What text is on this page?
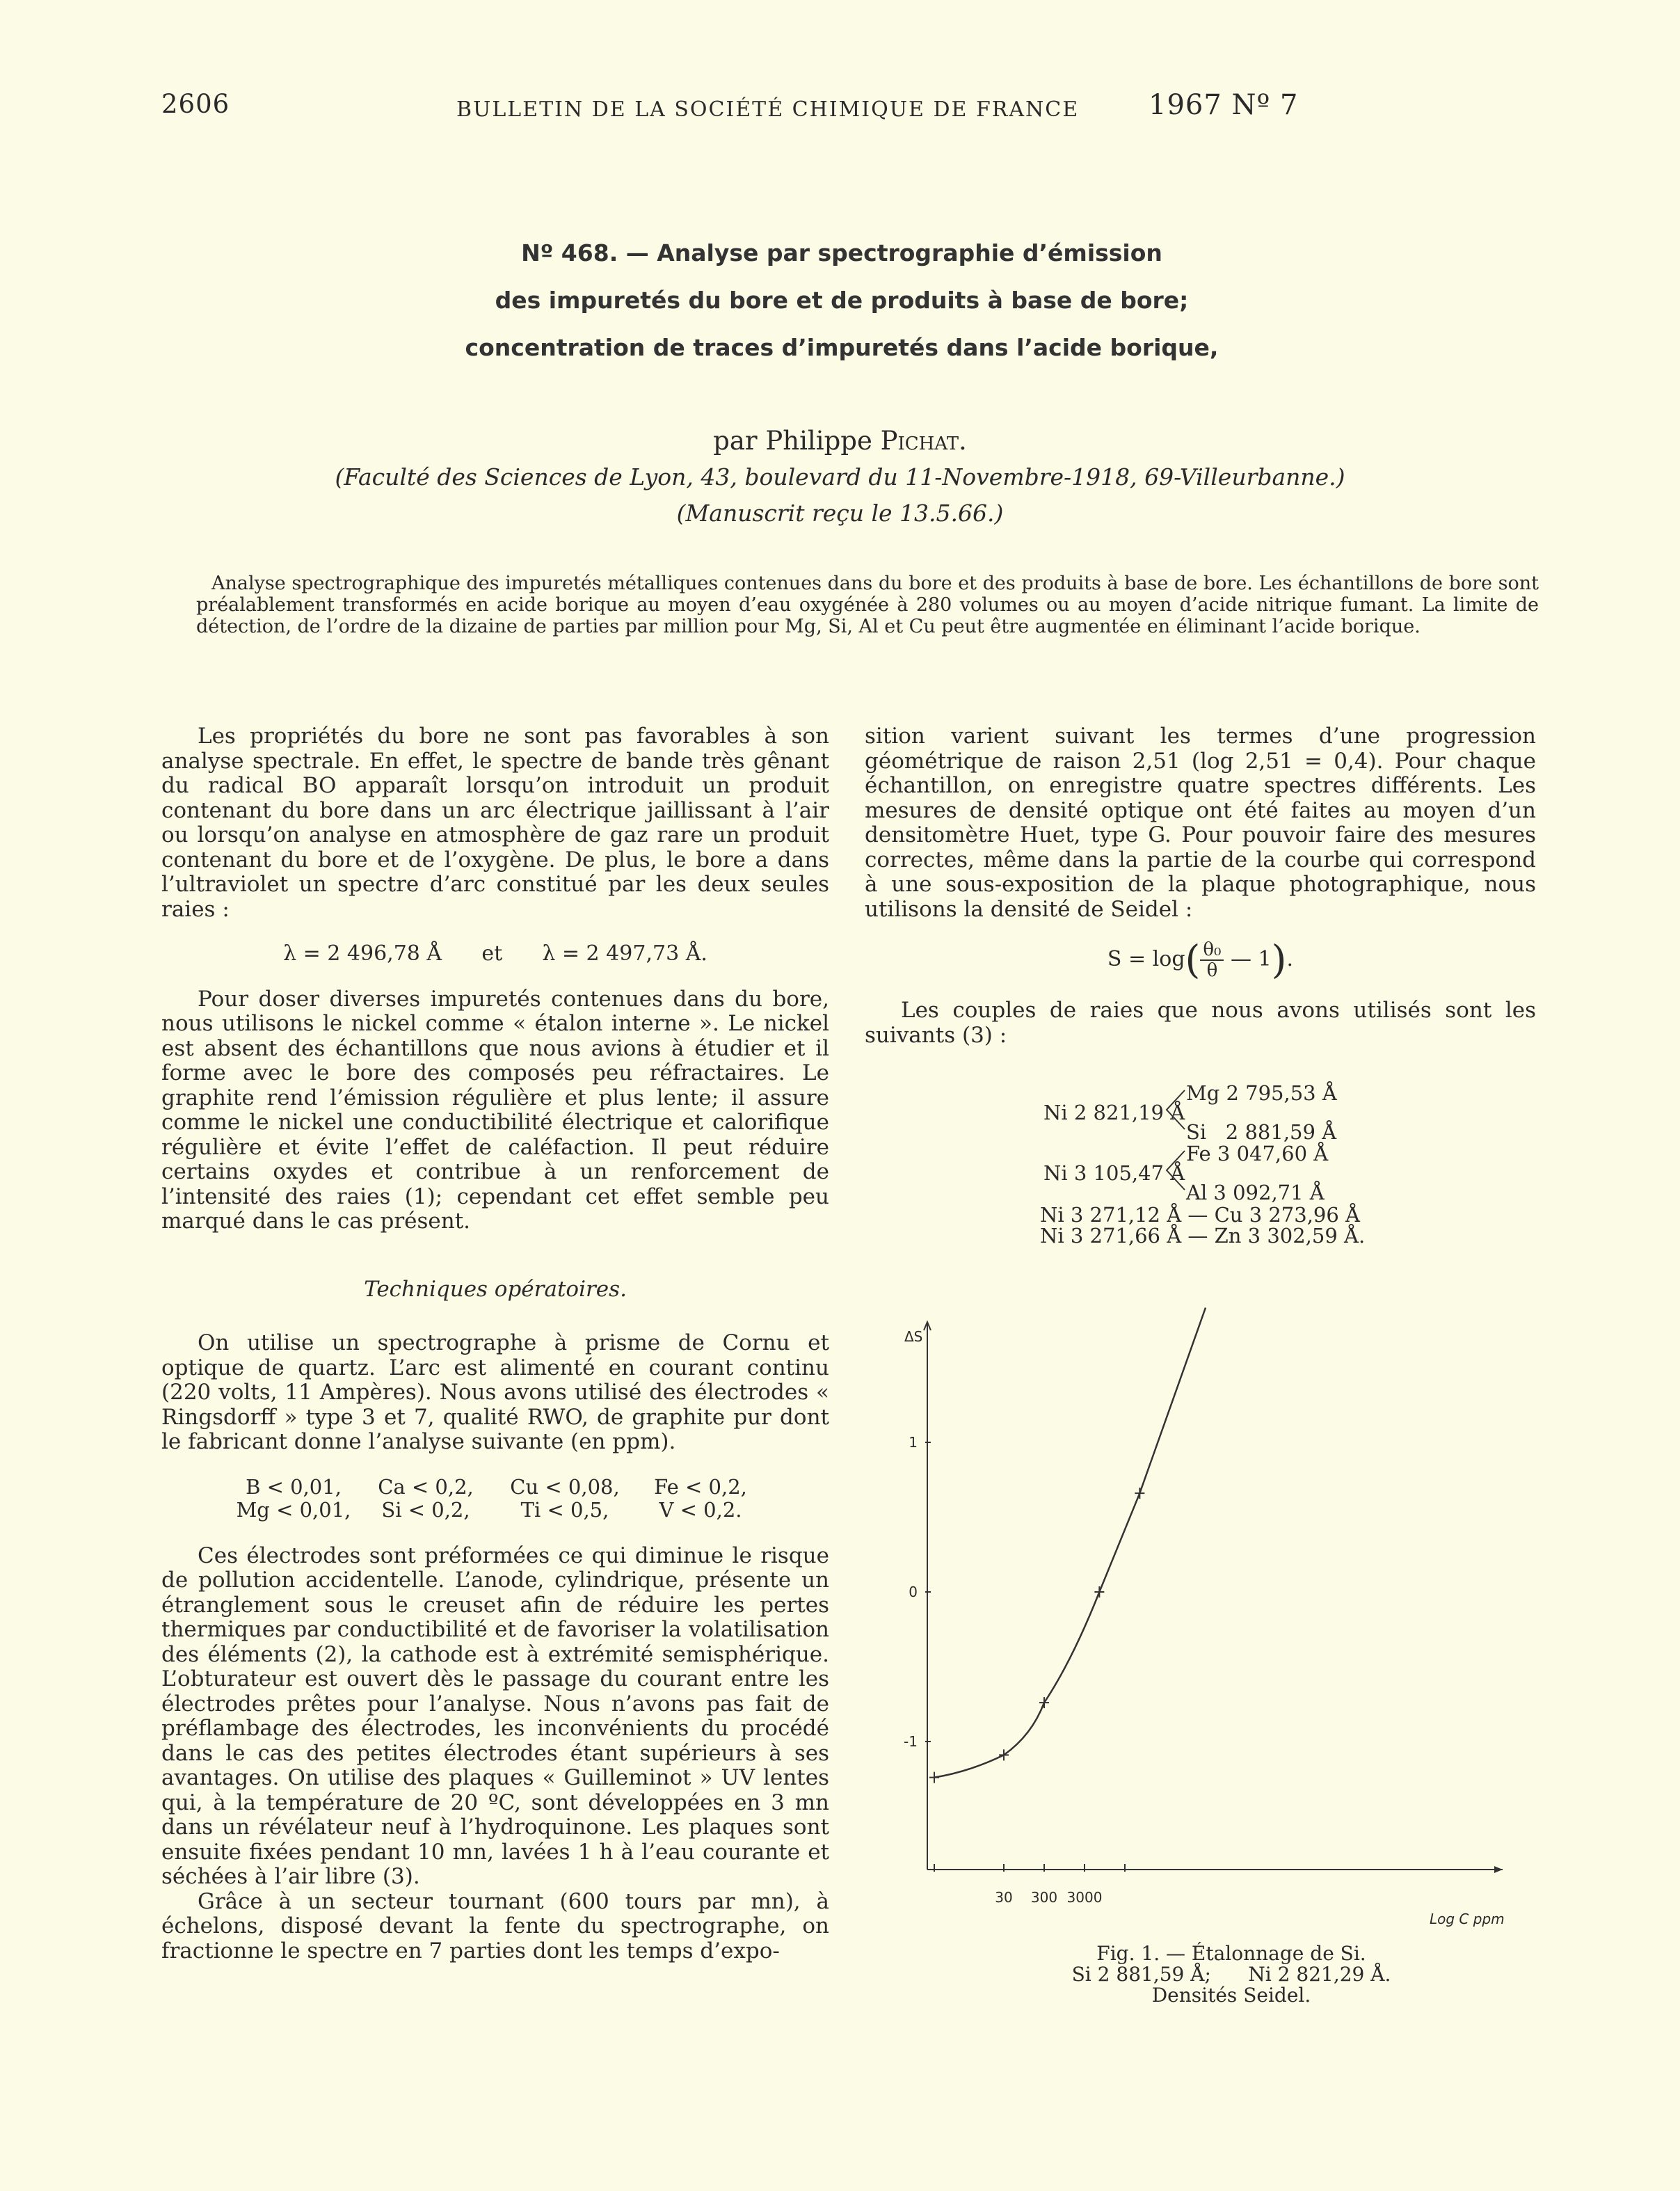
2606	BULLETIN DE LA SOCIÉTÉ CHIMIQUE DE FRANCE 1967 Nº 7
Nº 468. — Analyse par spectrographie d’émission
des impuretés du bore et de produits à base de bore;
concentration de traces d’impuretés dans l’acide borique,
par Philippe Pichat.
(Faculté des Sciences de Lyon, 43, boulevard du 11-Novembre-1918, 69-Villeurbanne.)
(Manuscrit reçu le 13.5.66.)
Analyse spectrographique des impuretés métalliques contenues dans du bore et des produits à base de bore. Les échantillons de bore sont préalablement transformés en acide borique au moyen d’eau oxygénée à 280 volumes ou au moyen d’acide nitrique fumant. La limite de détection, de l’ordre de la dizaine de parties par million pour Mg, Si, Al et Cu peut être augmentée en éliminant l’acide borique.

Les propriétés du bore ne sont pas favorables à son analyse spectrale. En effet, le spectre de bande très gênant du radical BO apparaît lorsqu’on introduit un produit contenant du bore dans un arc électrique jaillissant à l’air ou lorsqu’on analyse en atmosphère de gaz rare un produit contenant du bore et de l’oxygène. De plus, le bore a dans l’ultraviolet un spectre d’arc constitué par les deux seules raies :

λ = 2 496,78 Å      et      λ = 2 497,73 Å.

Pour doser diverses impuretés contenues dans du bore, nous utilisons le nickel comme « étalon interne ». Le nickel est absent des échantillons que nous avions à étudier et il forme avec le bore des composés peu réfractaires. Le graphite rend l’émission régulière et plus lente; il assure comme le nickel une conductibilité électrique et calorifique régulière et évite l’effet de caléfaction. Il peut réduire certains oxydes et contribue à un renforcement de l’intensité des raies (1); cependant cet effet semble peu marqué dans le cas présent.

Techniques opératoires.

On utilise un spectrographe à prisme de Cornu et optique de quartz. L’arc est alimenté en courant continu (220 volts, 11 Ampères). Nous avons utilisé des électrodes « Ringsdorff » type 3 et 7, qualité RWO, de graphite pur dont le fabricant donne l’analyse suivante (en ppm).

B < 0,01,	Ca < 0,2,	Cu < 0,08,	Fe < 0,2,
Mg < 0,01,	Si < 0,2,	Ti < 0,5,	V < 0,2.

Ces électrodes sont préformées ce qui diminue le risque de pollution accidentelle. L’anode, cylindrique, présente un étranglement sous le creuset afin de réduire les pertes thermiques par conductibilité et de favoriser la volatilisation des éléments (2), la cathode est à extrémité semisphérique. L’obturateur est ouvert dès le passage du courant entre les électrodes prêtes pour l’analyse. Nous n’avons pas fait de préflambage des électrodes, les inconvénients du procédé dans le cas des petites électrodes étant supérieurs à ses avantages. On utilise des plaques « Guilleminot » UV lentes qui, à la température de 20 ºC, sont développées en 3 mn dans un révélateur neuf à l’hydroquinone. Les plaques sont ensuite fixées pendant 10 mn, lavées 1 h à l’eau courante et séchées à l’air libre (3).

Grâce à un secteur tournant (600 tours par mn), à échelons, disposé devant la fente du spectrographe, on fractionne le spectre en 7 parties dont les temps d’expo-

sition varient suivant les termes d’une progression géométrique de raison 2,51 (log 2,51 = 0,4). Pour chaque échantillon, on enregistre quatre spectres différents. Les mesures de densité optique ont été faites au moyen d’un densitomètre Huet, type G. Pour pouvoir faire des mesures correctes, même dans la partie de la courbe qui correspond à une sous-exposition de la plaque photographique, nous utilisons la densité de Seidel :

$S = \log( \frac{\text{θ₀}}{\theta}$ — 1).

Les couples de raies que nous avons utilisés sont les suivants (3) :

Ni 2 821,19 Å
Mg 2 795,53 Å
Si   2 881,59 Å
Ni 3 105,47 Å
Fe 3 047,60 Å
Al 3 092,71 Å
Ni 3 271,12 Å — Cu 3 273,96 Å
Ni 3 271,66 Å — Zn 3 302,59 Å.
1
0
-1
30 300 3000
ΔS
Log C ppm
Fig. 1. — Étalonnage de Si.
Si 2 881,59 Å;      Ni 2 821,29 Å.
Densités Seidel.
